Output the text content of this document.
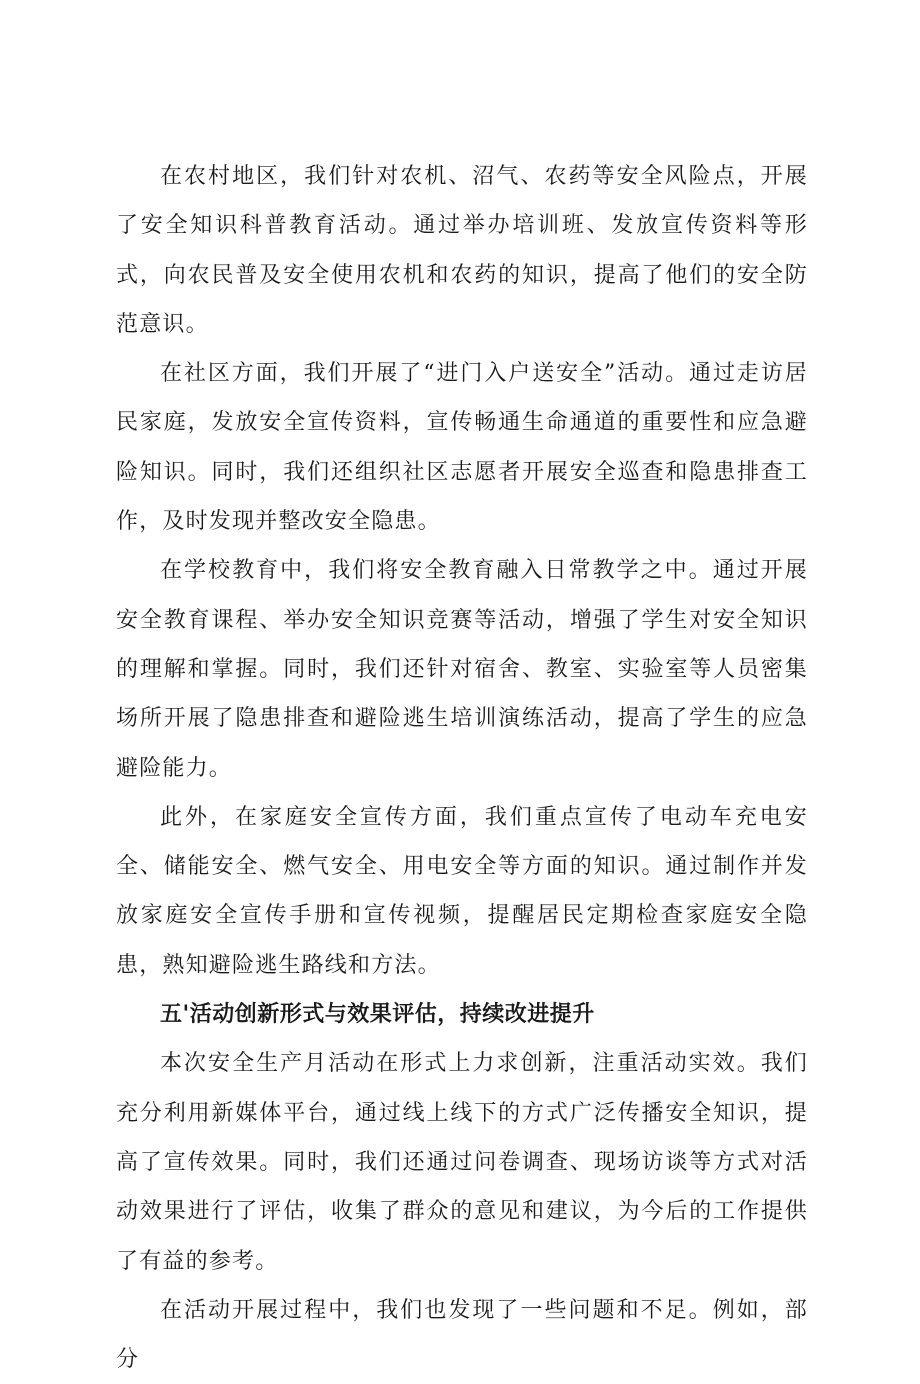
在农村地区，我们针对农机、沼气、农药等安全风险点，开展了安全知识科普教育活动。通过举办培训班、发放宣传资料等形式，向农民普及安全使用农机和农药的知识，提高了他们的安全防范意识。

在社区方面，我们开展了“进门入户送安全”活动。通过走访居民家庭，发放安全宣传资料，宣传畅通生命通道的重要性和应急避险知识。同时，我们还组织社区志愿者开展安全巡查和隐患排查工作，及时发现并整改安全隐患。

在学校教育中，我们将安全教育融入日常教学之中。通过开展安全教育课程、举办安全知识竞赛等活动，增强了学生对安全知识的理解和掌握。同时，我们还针对宿舍、教室、实验室等人员密集场所开展了隐患排查和避险逃生培训演练活动，提高了学生的应急避险能力。

此外，在家庭安全宣传方面，我们重点宣传了电动车充电安全、储能安全、燃气安全、用电安全等方面的知识。通过制作并发放家庭安全宣传手册和宣传视频，提醒居民定期检查家庭安全隐患，熟知避险逃生路线和方法。

五'活动创新形式与效果评估，持续改进提升

本次安全生产月活动在形式上力求创新，注重活动实效。我们充分利用新媒体平台，通过线上线下的方式广泛传播安全知识，提高了宣传效果。同时，我们还通过问卷调查、现场访谈等方式对活动效果进行了评估，收集了群众的意见和建议，为今后的工作提供了有益的参考。

在活动开展过程中，我们也发现了一些问题和不足。例如，部分
